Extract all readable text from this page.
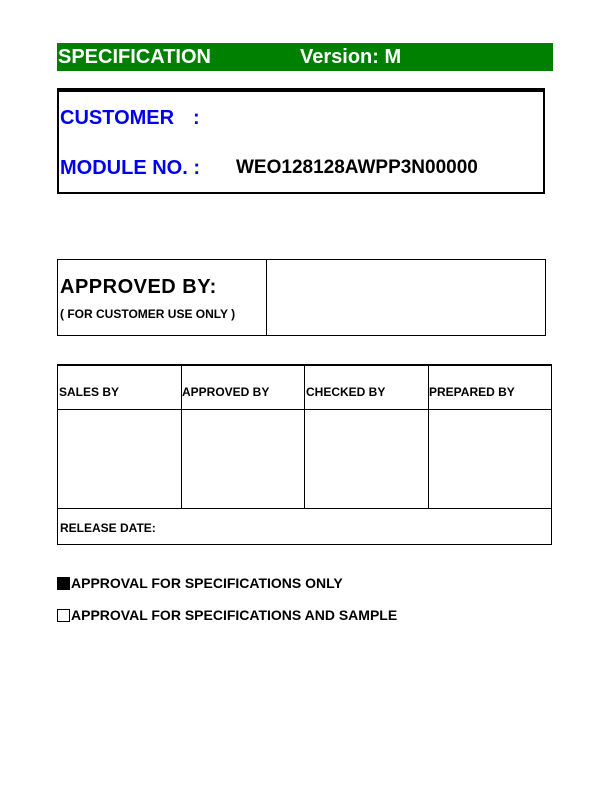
SPECIFICATION	Version: M
CUSTOMER :
MODULE NO. : WEO128128AWPP3N00000
APPROVED BY:
( FOR CUSTOMER USE ONLY )
SALES BY	APPROVED BY	CHECKED BY	PREPARED BY
RELEASE DATE:
APPROVAL FOR SPECIFICATIONS ONLY
APPROVAL FOR SPECIFICATIONS AND SAMPLE
